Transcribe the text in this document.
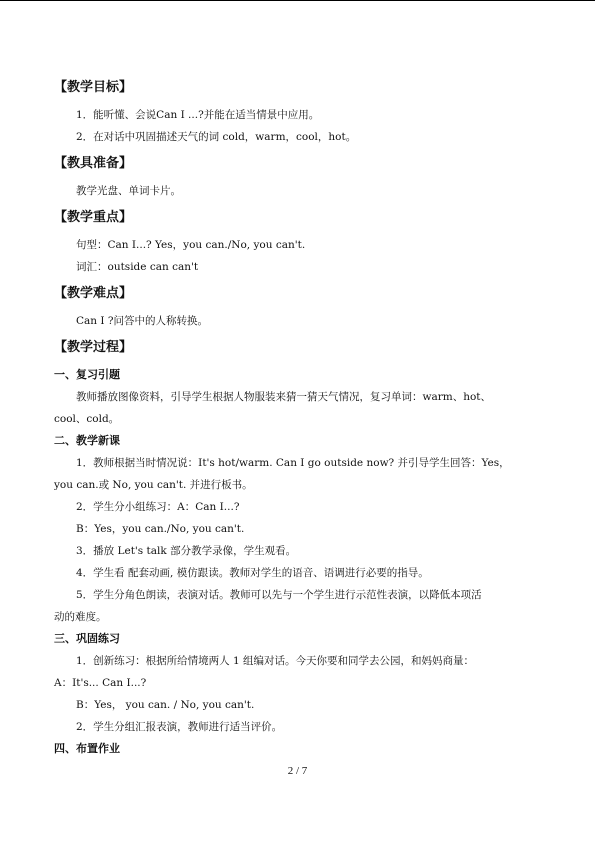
【教学目标】

1．能听懂、会说Can I ...?并能在适当情景中应用。

2．在对话中巩固描述天气的词 cold，warm，cool，hot。

【教具准备】

教学光盘、单词卡片。

【教学重点】

句型：Can I...? Yes，you can./No, you can't.

词汇：outside can can't

【教学难点】

Can I ?问答中的人称转换。

【教学过程】

一、复习引题

教师播放图像资料，引导学生根据人物服装来猜一猜天气情况，复习单词：warm、hot、

cool、cold。

二、教学新课

1．教师根据当时情况说：It's hot/warm. Can I go outside now? 并引导学生回答：Yes，

you can.或 No, you can't. 并进行板书。

2．学生分小组练习：A：Can I...?

B：Yes，you can./No, you can't.

3．播放 Let's talk 部分教学录像，学生观看。

4．学生看 配套动画, 模仿跟读。教师对学生的语音、语调进行必要的指导。

5．学生分角色朗读，表演对话。教师可以先与一个学生进行示范性表演，以降低本项活

动的难度。

三、巩固练习

1．创新练习：根据所给情境两人 1 组编对话。今天你要和同学去公园，和妈妈商量：

A：It's... Can I...?

B：Yes， you can. / No, you can't.

2．学生分组汇报表演，教师进行适当评价。

四、布置作业

2 / 7
